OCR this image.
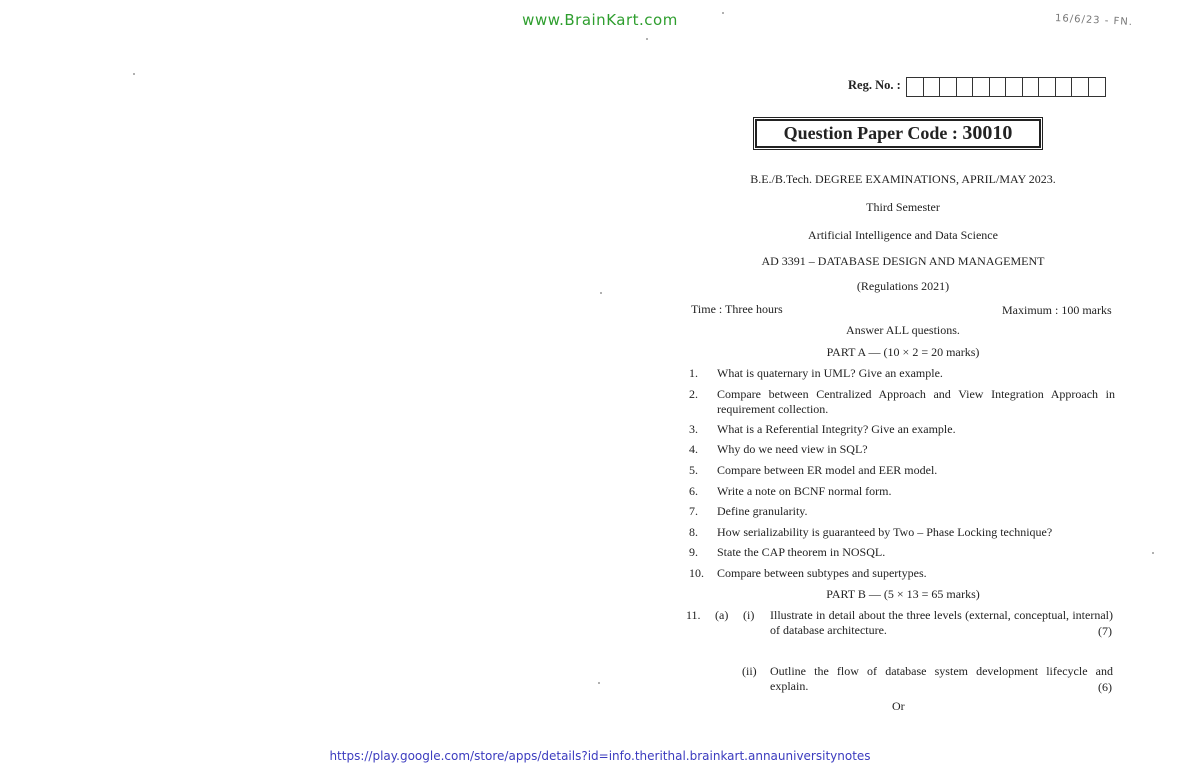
www.BrainKart.com	16/6/23 - FN.
Reg. No. :
Question Paper Code : 30010
B.E./B.Tech. DEGREE EXAMINATIONS, APRIL/MAY 2023.
Third Semester
Artificial Intelligence and Data Science
AD 3391 – DATABASE DESIGN AND MANAGEMENT
(Regulations 2021)
Time : Three hours	Maximum : 100 marks
Answer ALL questions.
PART A — (10 × 2 = 20 marks)
1. What is quaternary in UML? Give an example.
2. Compare between Centralized Approach and View Integration Approach in requirement collection.
3. What is a Referential Integrity? Give an example.
4. Why do we need view in SQL?
5. Compare between ER model and EER model.
6. Write a note on BCNF normal form.
7. Define granularity.
8. How serializability is guaranteed by Two – Phase Locking technique?
9. State the CAP theorem in NOSQL.
10. Compare between subtypes and supertypes.
PART B — (5 × 13 = 65 marks)
11. (a) (i) Illustrate in detail about the three levels (external, conceptual, internal) of database architecture.	(7)
(ii) Outline the flow of database system development lifecycle and explain.	(6)
Or
https://play.google.com/store/apps/details?id=info.therithal.brainkart.annauniversitynotes
